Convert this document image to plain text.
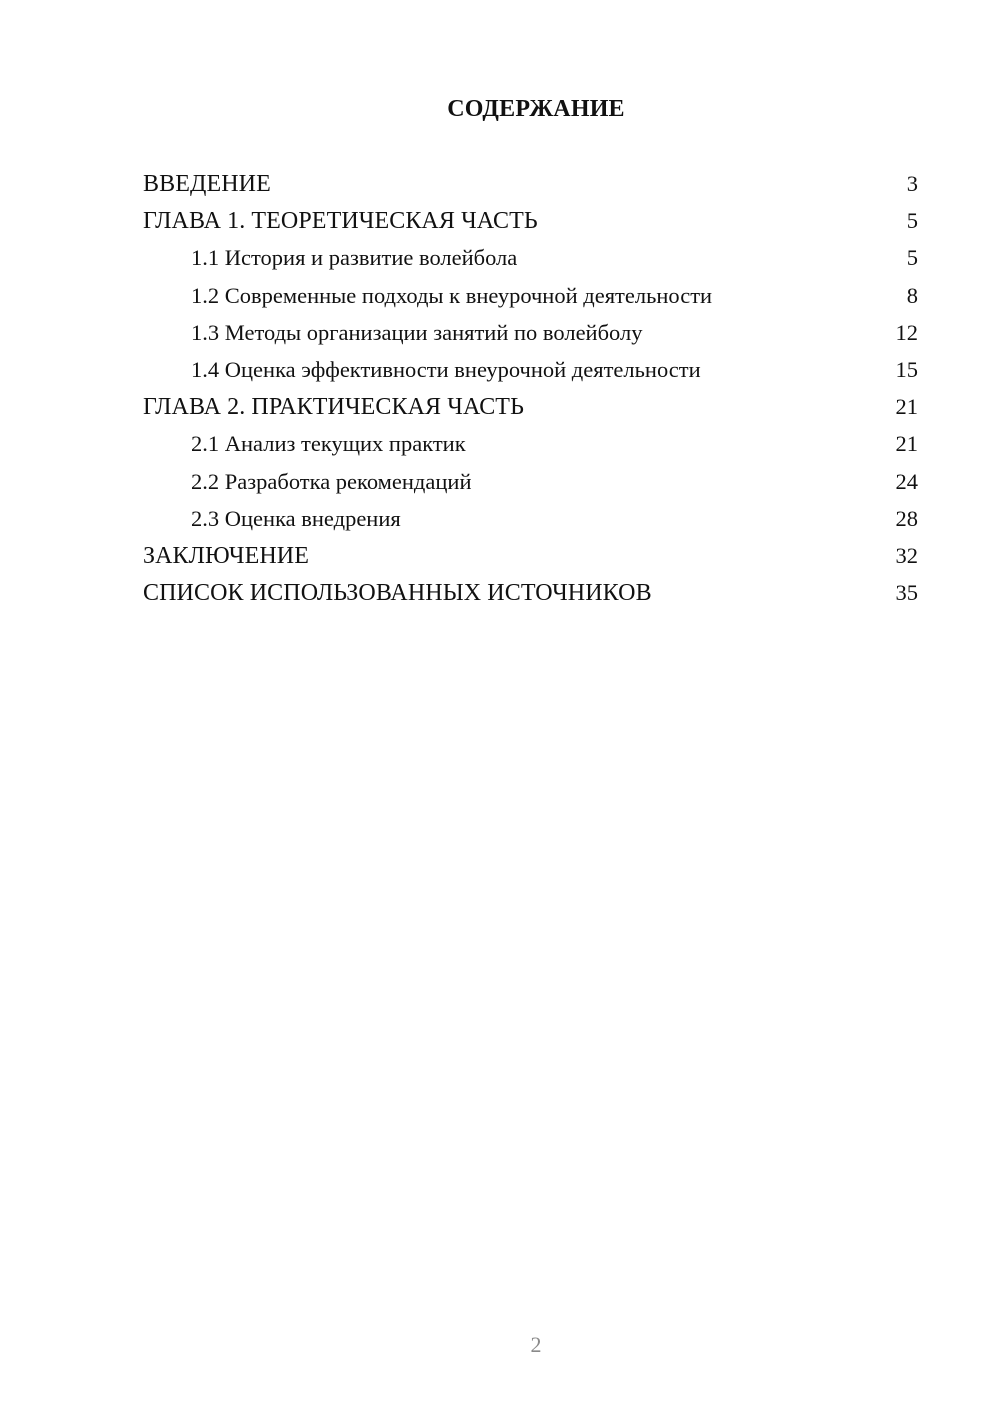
СОДЕРЖАНИЕ
ВВЕДЕНИЕ	3
ГЛАВА 1. ТЕОРЕТИЧЕСКАЯ ЧАСТЬ	5
1.1 История и развитие волейбола	5
1.2 Современные подходы к внеурочной деятельности	8
1.3 Методы организации занятий по волейболу	12
1.4 Оценка эффективности внеурочной деятельности	15
ГЛАВА 2. ПРАКТИЧЕСКАЯ ЧАСТЬ	21
2.1 Анализ текущих практик	21
2.2 Разработка рекомендаций	24
2.3 Оценка внедрения	28
ЗАКЛЮЧЕНИЕ	32
СПИСОК ИСПОЛЬЗОВАННЫХ ИСТОЧНИКОВ	35
2
